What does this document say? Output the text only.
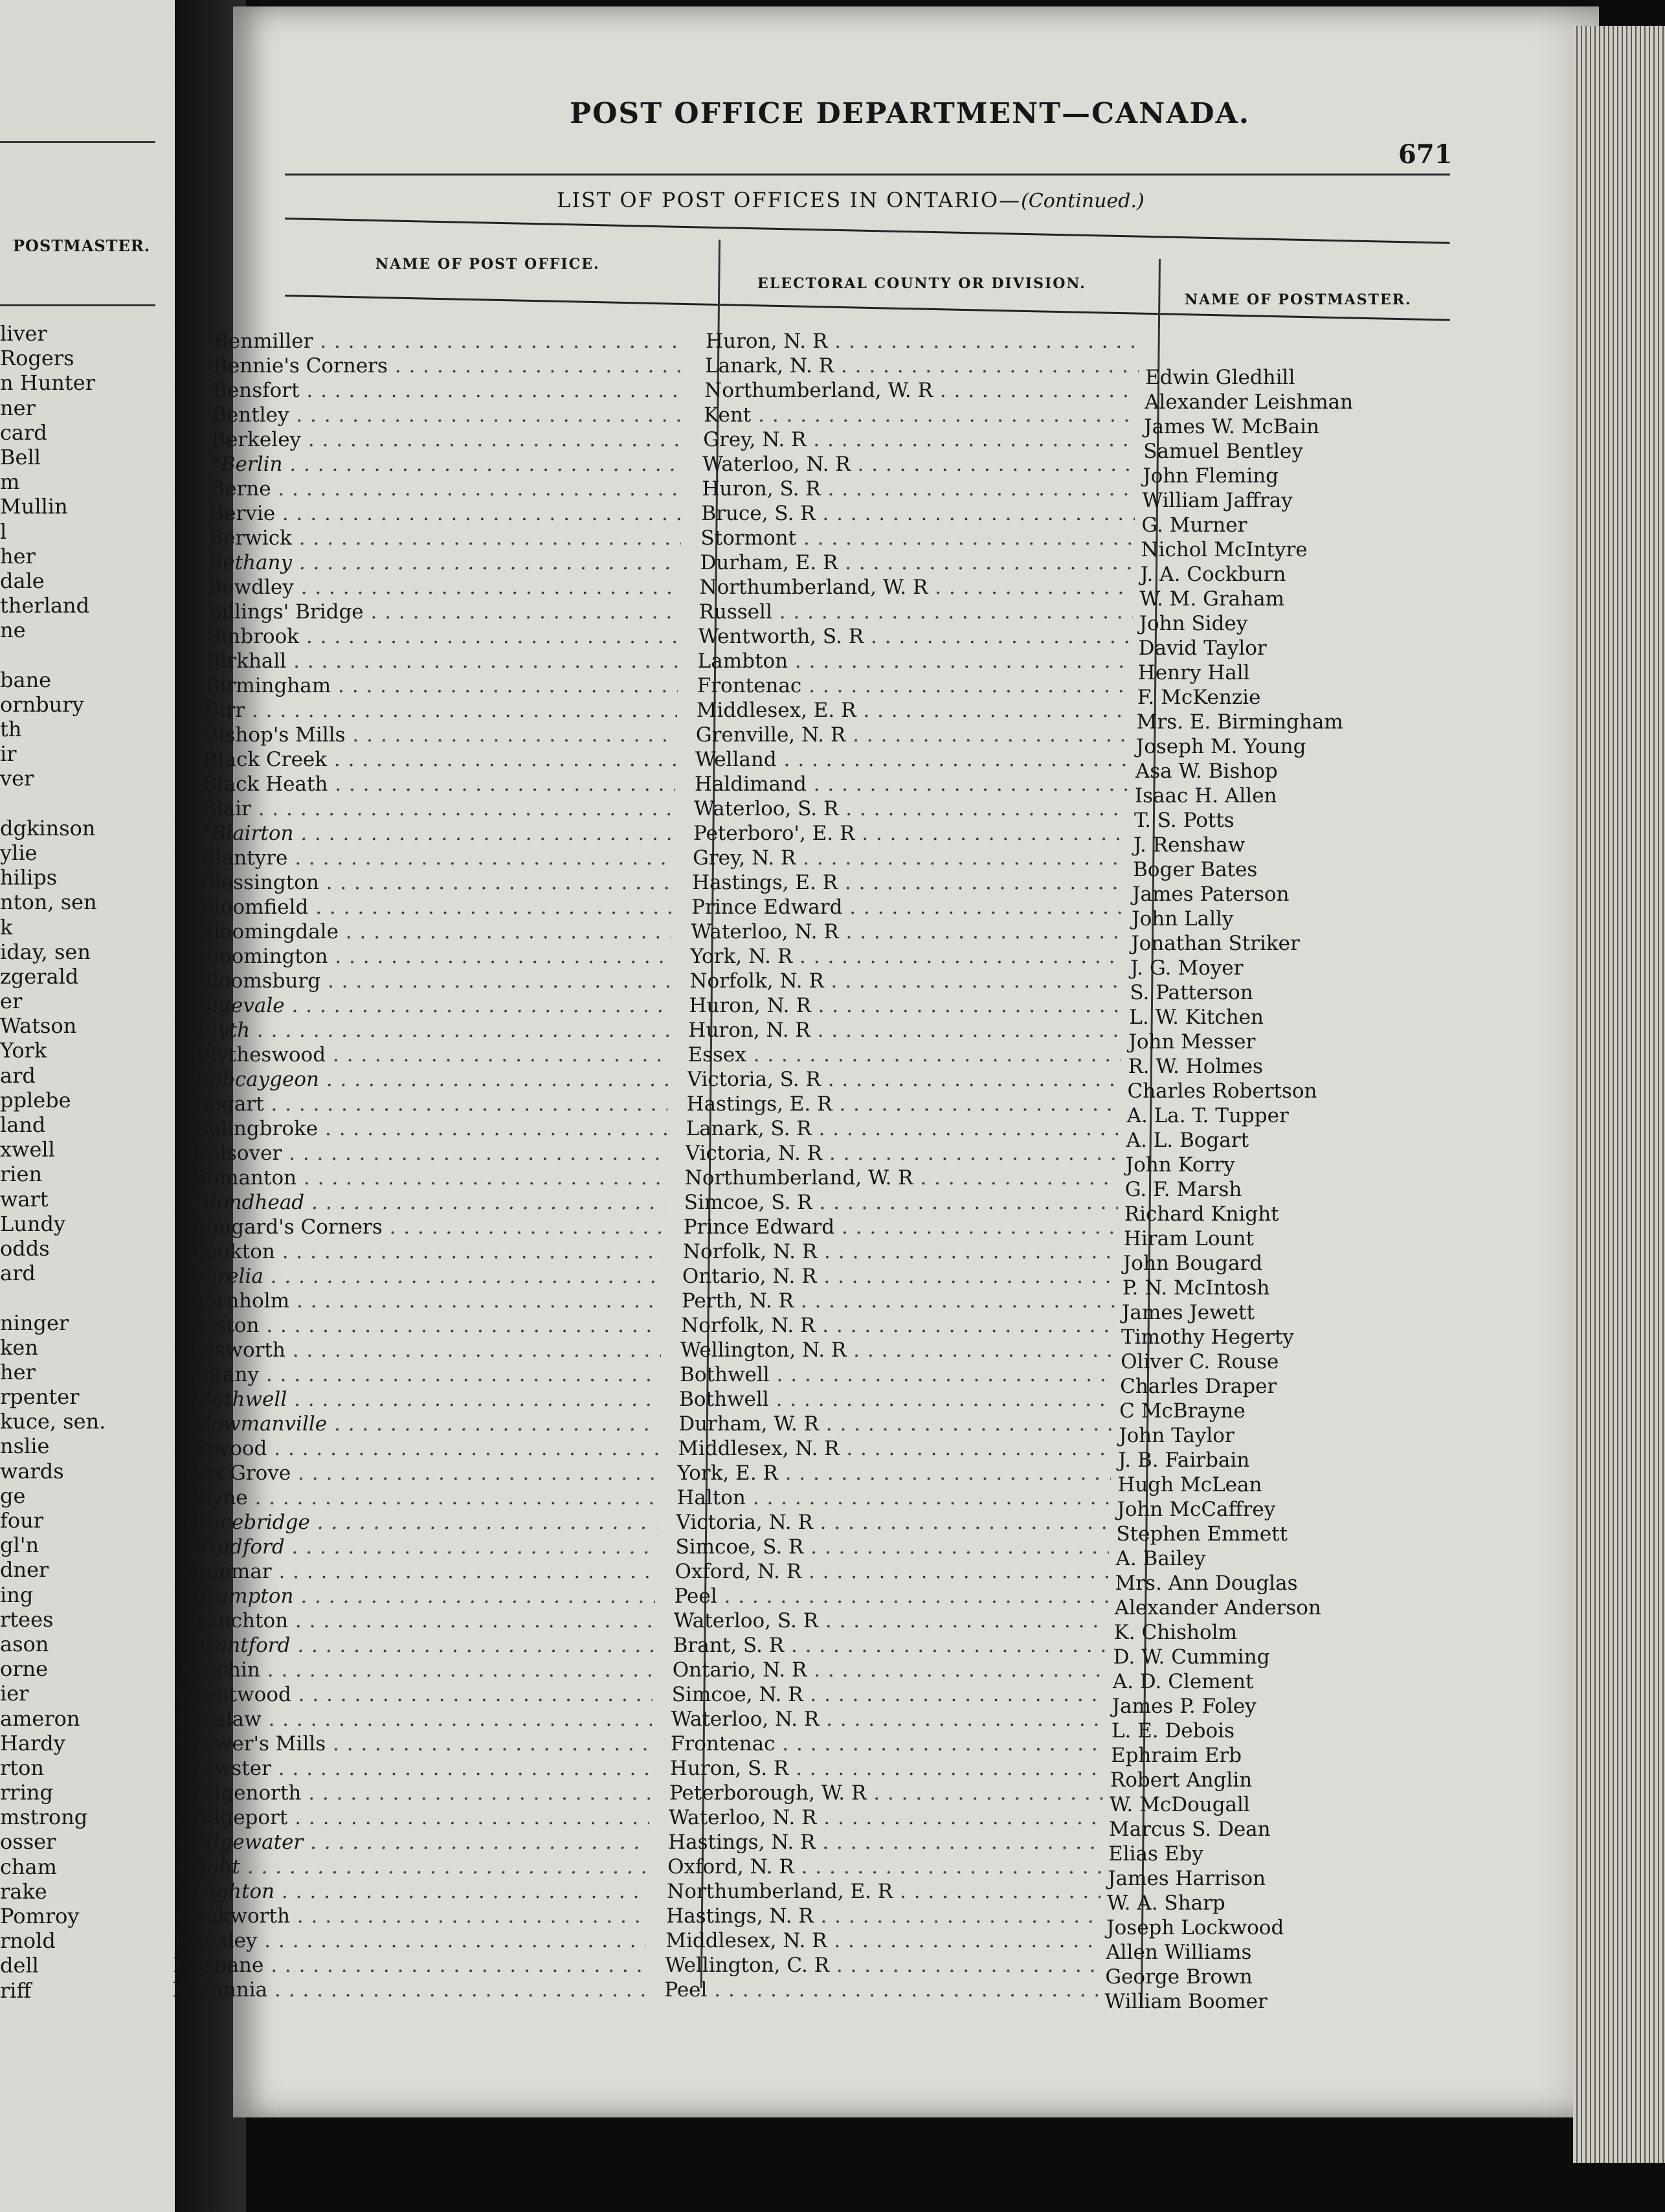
POSTMASTER.
liver
Rogers
n Hunter
ner
card
Bell
m
Mullin
l
her
dale
therland
ne
bane
ornbury
th
ir
ver
dgkinson
ylie
hilips
nton, sen
k
iday, sen
zgerald
er
Watson
York
ard
pplebe
land
xwell
rien
wart
Lundy
odds
ard
ninger
ken
her
rpenter
kuce, sen.
nslie
wards
ge
four
gl'n
dner
ing
rtees
ason
orne
ier
ameron
Hardy
rton
rring
mstrong
osser
cham
rake
Pomroy
rnold
dell
riff
POST OFFICE DEPARTMENT—CANADA.
671
LIST OF POST OFFICES IN ONTARIO—(Continued.)
NAME OF POST OFFICE.
ELECTORAL COUNTY OR DIVISION.
NAME OF POSTMASTER.
Benmiller . . .	Huron, N. R . . .
Bennie's Corners . . .	Lanark, N. R . . .	Edwin Gledhill
Bensfort . . .	Northumberland, W. R . . .	Alexander Leishman
Bentley . . .	Kent . . .	James W. McBain
Berkeley . . .	Grey, N. R . . .	Samuel Bentley
*Berlin . . .	Waterloo, N. R . . .	John Fleming
Berne . . .	Huron, S. R . . .	William Jaffray
Bervie . . .	Bruce, S. R . . .	G. Murner
Berwick . . .	Stormont . . .	Nichol McIntyre
Bethany . . .	Durham, E. R . . .	J. A. Cockburn
Bewdley . . .	Northumberland, W. R . . .	W. M. Graham
Billings' Bridge . . .	Russell . . .	John Sidey
Binbrook . . .	Wentworth, S. R . . .	David Taylor
Birkhall . . .	Lambton . . .	Henry Hall
Birmingham . . .	Frontenac . . .	F. McKenzie
Birr . . .	Middlesex, E. R . . .	Mrs. E. Birmingham
Bishop's Mills . . .	Grenville, N. R . . .	Joseph M. Young
Black Creek . . .	Welland . . .	Asa W. Bishop
Black Heath . . .	Haldimand . . .	Isaac H. Allen
Blair . . .	Waterloo, S. R . . .	T. S. Potts
*Blairton . . .	Peterboro', E. R . . .	J. Renshaw
Blantyre . . .	Grey, N. R . . .	Boger Bates
Blessington . . .	Hastings, E. R . . .	James Paterson
Bloomfield . . .	Prince Edward . . .	John Lally
Bloomingdale . . .	Waterloo, N. R . . .	Jonathan Striker
Bloomington . . .	York, N. R . . .	J. G. Moyer
Bloomsburg . . .	Norfolk, N. R . . .	S. Patterson
Bluevale . . .	Huron, N. R . . .	L. W. Kitchen
Blyth . . .	Huron, N. R . . .	John Messer
Blytheswood . . .	Essex . . .	R. W. Holmes
Bobcaygeon . . .	Victoria, S. R . . .	Charles Robertson
Bogart . . .	Hastings, E. R . . .	A. La. T. Tupper
Bolingbroke . . .	Lanark, S. R . . .	A. L. Bogart
Bolsover . . .	Victoria, N. R . . .	John Korry
Bomanton . . .	Northumberland, W. R . . .	G. F. Marsh
*Bondhead . . .	Simcoe, S. R . . .	Richard Knight
Bongard's Corners . . .	Prince Edward . . .	Hiram Lount
Bookton . . .	Norfolk, N. R . . .	John Bougard
Borelia . . .	Ontario, N. R . . .	P. N. McIntosh
Bornholm . . .	Perth, N. R . . .	James Jewett
Boston . . .	Norfolk, N. R . . .	Timothy Hegerty
Bosworth . . .	Wellington, N. R . . .	Oliver C. Rouse
Botany . . .	Bothwell . . .	Charles Draper
*Bothwell . . .	Bothwell . . .	C McBrayne
*Bowmanville . . .	Durham, W. R . . .	John Taylor
Bowood . . .	Middlesex, N. R . . .	J. B. Fairbain
Box Grove . . .	York, E. R . . .	Hugh McLean
Boyne . . .	Halton . . .	John McCaffrey
Bracebridge . . .	Victoria, N. R . . .	Stephen Emmett
*Bradford . . .	Simcoe, S. R . . .	A. Bailey
Braemar . . .	Oxford, N. R . . .	Mrs. Ann Douglas
*Brampton . . .	Peel . . .	Alexander Anderson
Branchton . . .	Waterloo, S. R . . .	K. Chisholm
*Brantford . . .	Brant, S. R . . .	D. W. Cumming
Brechin . . .	Ontario, N. R . . .	A. D. Clement
Brentwood . . .	Simcoe, N. R . . .	James P. Foley
Breslaw . . .	Waterloo, N. R . . .	L. E. Debois
Brewer's Mills . . .	Frontenac . . .	Ephraim Erb
Brewster . . .	Huron, S. R . . .	Robert Anglin
Bridgenorth . . .	Peterborough, W. R . . .	W. McDougall
Bridgeport . . .	Waterloo, N. R . . .	Marcus S. Dean
Bridgewater . . .	Hastings, N. R . . .	Elias Eby
Bright . . .	Oxford, N. R . . .	James Harrison
*Brighton . . .	Northumberland, E. R . . .	W. A. Sharp
Brinkworth . . .	Hastings, N. R . . .	Joseph Lockwood
Brinsley . . .	Middlesex, N. R . . .	Allen Williams
Brisbane . . .	Wellington, C. R . . .	George Brown
Britannia . . .	Peel . . .	William Boomer
